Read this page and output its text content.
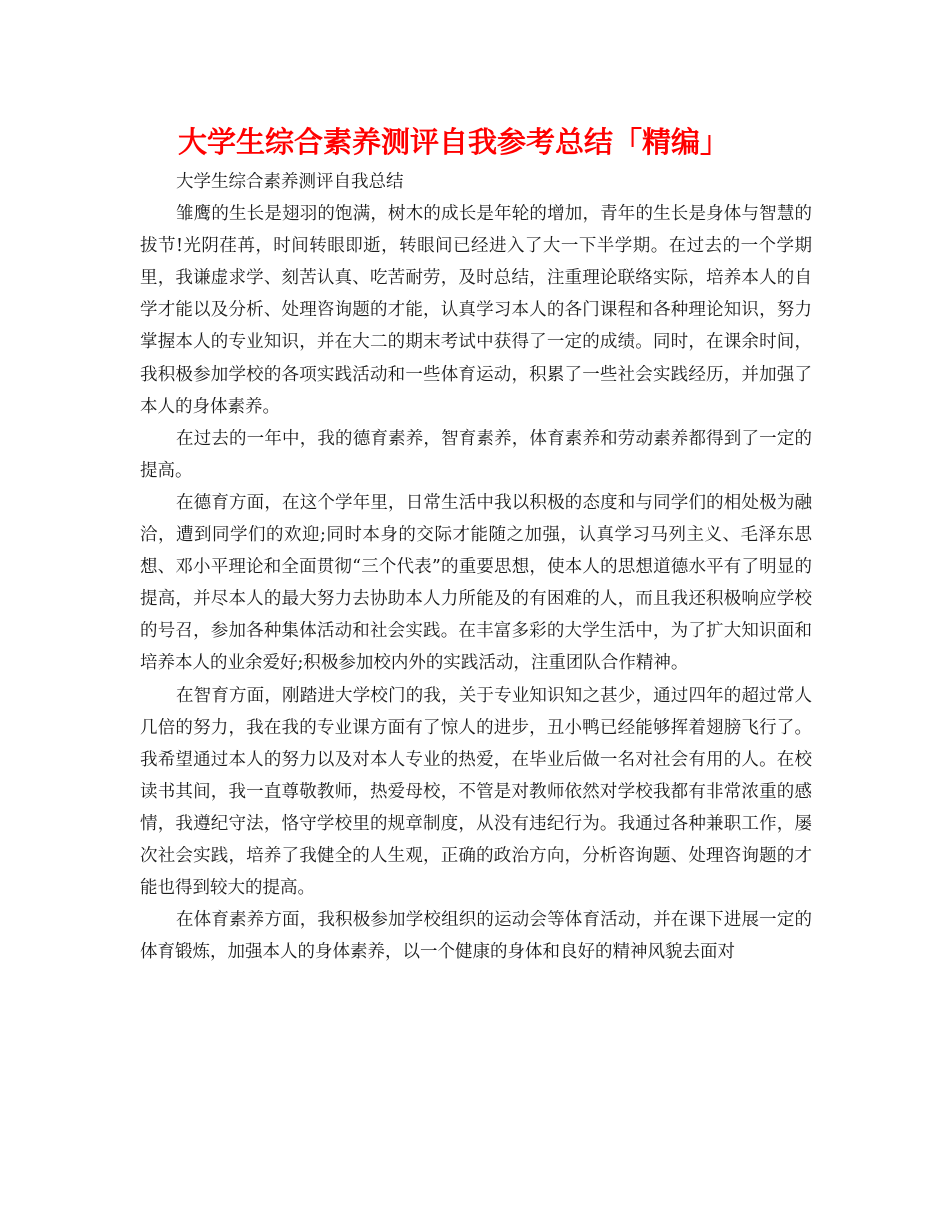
大学生综合素养测评自我参考总结「精编」

大学生综合素养测评自我总结

雏鹰的生长是翅羽的饱满，树木的成长是年轮的增加，青年的生长是身体与智慧的拔节!光阴荏苒，时间转眼即逝，转眼间已经进入了大一下半学期。在过去的一个学期里，我谦虚求学、刻苦认真、吃苦耐劳，及时总结，注重理论联络实际，培养本人的自学才能以及分析、处理咨询题的才能，认真学习本人的各门课程和各种理论知识，努力掌握本人的专业知识，并在大二的期末考试中获得了一定的成绩。同时，在课余时间，我积极参加学校的各项实践活动和一些体育运动，积累了一些社会实践经历，并加强了本人的身体素养。

在过去的一年中，我的德育素养，智育素养，体育素养和劳动素养都得到了一定的提高。

在德育方面，在这个学年里，日常生活中我以积极的态度和与同学们的相处极为融洽，遭到同学们的欢迎;同时本身的交际才能随之加强，认真学习马列主义、毛泽东思想、邓小平理论和全面贯彻“三个代表”的重要思想，使本人的思想道德水平有了明显的提高，并尽本人的最大努力去协助本人力所能及的有困难的人，而且我还积极响应学校的号召，参加各种集体活动和社会实践。在丰富多彩的大学生活中，为了扩大知识面和培养本人的业余爱好;积极参加校内外的实践活动，注重团队合作精神。

在智育方面，刚踏进大学校门的我，关于专业知识知之甚少，通过四年的超过常人几倍的努力，我在我的专业课方面有了惊人的进步，丑小鸭已经能够挥着翅膀飞行了。我希望通过本人的努力以及对本人专业的热爱，在毕业后做一名对社会有用的人。在校读书其间，我一直尊敬教师，热爱母校，不管是对教师依然对学校我都有非常浓重的感情，我遵纪守法，恪守学校里的规章制度，从没有违纪行为。我通过各种兼职工作，屡次社会实践，培养了我健全的人生观，正确的政治方向，分析咨询题、处理咨询题的才能也得到较大的提高。

在体育素养方面，我积极参加学校组织的运动会等体育活动，并在课下进展一定的体育锻炼，加强本人的身体素养，以一个健康的身体和良好的精神风貌去面对
